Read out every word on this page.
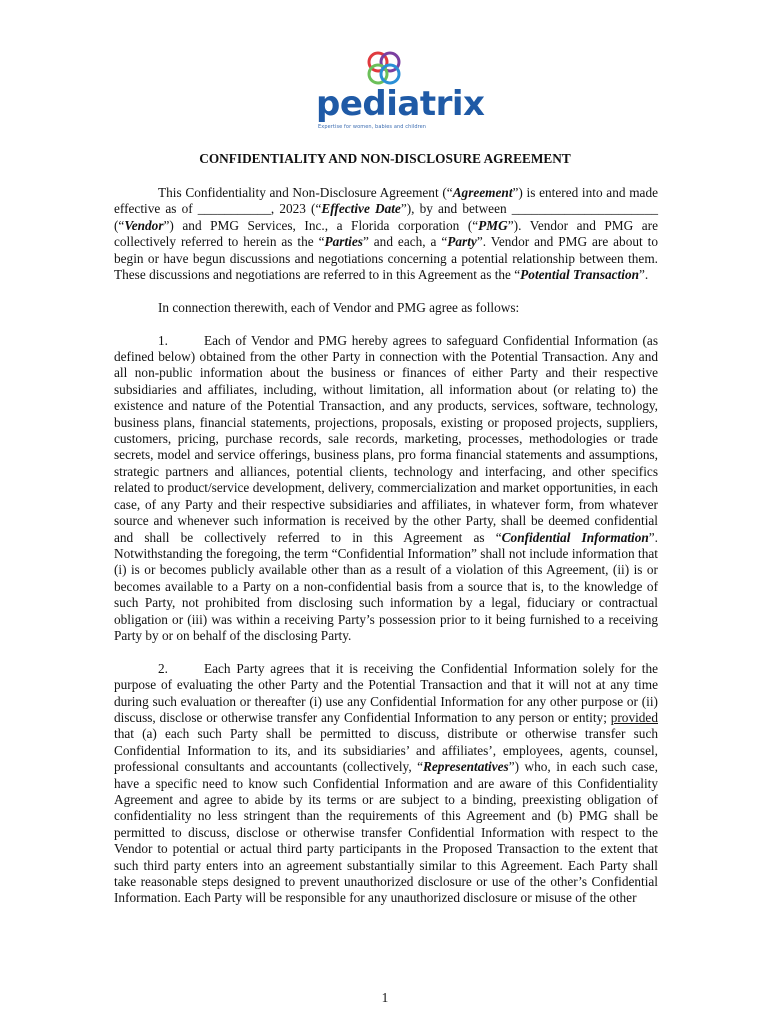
pediatrix
Expertise for women, babies and children
CONFIDENTIALITY AND NON-DISCLOSURE AGREEMENT

This Confidentiality and Non-Disclosure Agreement (“Agreement”) is entered into and made effective as of ___________, 2023 (“Effective Date”), by and between ______________________ (“Vendor”) and PMG Services, Inc., a Florida corporation (“PMG”). Vendor and PMG are collectively referred to herein as the “Parties” and each, a “Party”. Vendor and PMG are about to begin or have begun discussions and negotiations concerning a potential relationship between them. These discussions and negotiations are referred to in this Agreement as the “Potential Transaction”.

In connection therewith, each of Vendor and PMG agree as follows:

1.	Each of Vendor and PMG hereby agrees to safeguard Confidential Information (as defined below) obtained from the other Party in connection with the Potential Transaction. Any and all non-public information about the business or finances of either Party and their respective subsidiaries and affiliates, including, without limitation, all information about (or relating to) the existence and nature of the Potential Transaction, and any products, services, software, technology, business plans, financial statements, projections, proposals, existing or proposed projects, suppliers, customers, pricing, purchase records, sale records, marketing, processes, methodologies or trade secrets, model and service offerings, business plans, pro forma financial statements and assumptions, strategic partners and alliances, potential clients, technology and interfacing, and other specifics related to product/service development, delivery, commercialization and market opportunities, in each case, of any Party and their respective subsidiaries and affiliates, in whatever form, from whatever source and whenever such information is received by the other Party, shall be deemed confidential and shall be collectively referred to in this Agreement as “Confidential Information”. Notwithstanding the foregoing, the term “Confidential Information” shall not include information that (i) is or becomes publicly available other than as a result of a violation of this Agreement, (ii) is or becomes available to a Party on a non-confidential basis from a source that is, to the knowledge of such Party, not prohibited from disclosing such information by a legal, fiduciary or contractual obligation or (iii) was within a receiving Party’s possession prior to it being furnished to a receiving Party by or on behalf of the disclosing Party.

2.	Each Party agrees that it is receiving the Confidential Information solely for the purpose of evaluating the other Party and the Potential Transaction and that it will not at any time during such evaluation or thereafter (i) use any Confidential Information for any other purpose or (ii) discuss, disclose or otherwise transfer any Confidential Information to any person or entity; provided that (a) each such Party shall be permitted to discuss, distribute or otherwise transfer such Confidential Information to its, and its subsidiaries’ and affiliates’, employees, agents, counsel, professional consultants and accountants (collectively, “Representatives”) who, in each such case, have a specific need to know such Confidential Information and are aware of this Confidentiality Agreement and agree to abide by its terms or are subject to a binding, preexisting obligation of confidentiality no less stringent than the requirements of this Agreement and (b) PMG shall be permitted to discuss, disclose or otherwise transfer Confidential Information with respect to the Vendor to potential or actual third party participants in the Proposed Transaction to the extent that such third party enters into an agreement substantially similar to this Agreement. Each Party shall take reasonable steps designed to prevent unauthorized disclosure or use of the other’s Confidential Information. Each Party will be responsible for any unauthorized disclosure or misuse of the other

1
